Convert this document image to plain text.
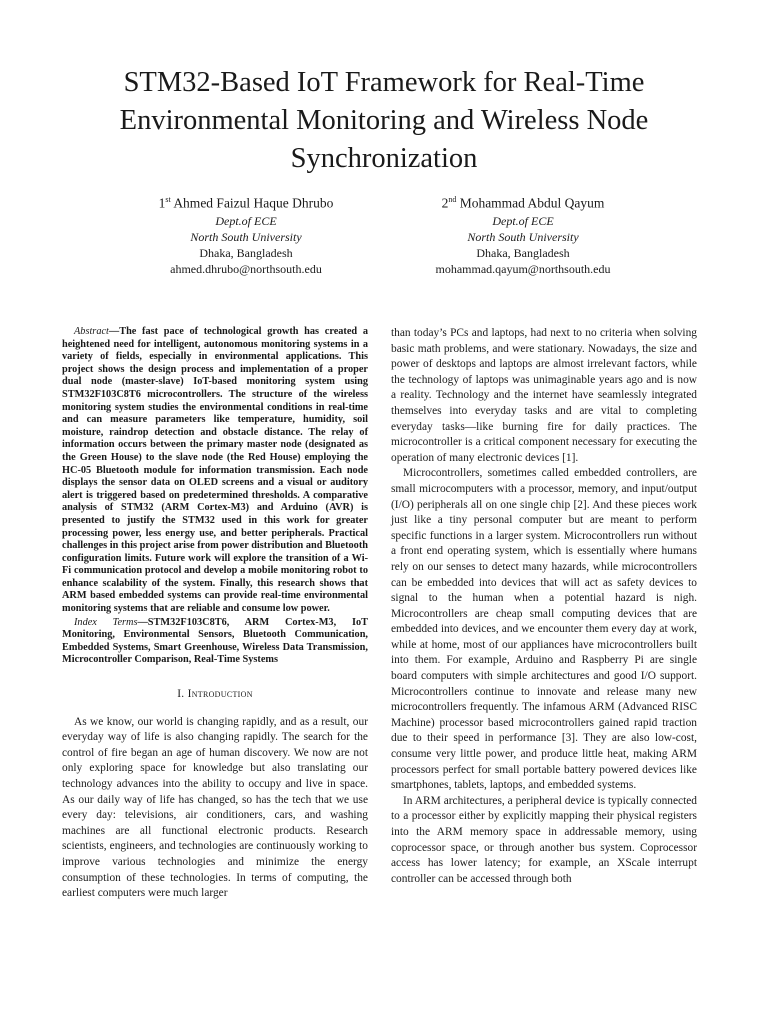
STM32-Based IoT Framework for Real-Time
Environmental Monitoring and Wireless Node
Synchronization
1st Ahmed Faizul Haque Dhrubo
Dept.of ECE
North South University
Dhaka, Bangladesh
ahmed.dhrubo@northsouth.edu
2nd Mohammad Abdul Qayum
Dept.of ECE
North South University
Dhaka, Bangladesh
mohammad.qayum@northsouth.edu

Abstract—The fast pace of technological growth has created a heightened need for intelligent, autonomous monitoring systems in a variety of fields, especially in environmental applications. This project shows the design process and implementation of a proper dual node (master-slave) IoT-based monitoring system using STM32F103C8T6 microcontrollers. The structure of the wireless monitoring system studies the environmental conditions in real-time and can measure parameters like temperature, humidity, soil moisture, raindrop detection and obstacle distance. The relay of information occurs between the primary master node (designated as the Green House) to the slave node (the Red House) employing the HC-05 Bluetooth module for information transmission. Each node displays the sensor data on OLED screens and a visual or auditory alert is triggered based on predetermined thresholds. A comparative analysis of STM32 (ARM Cortex-M3) and Arduino (AVR) is presented to justify the STM32 used in this work for greater processing power, less energy use, and better peripherals. Practical challenges in this project arise from power distribution and Bluetooth configuration limits. Future work will explore the transition of a Wi-Fi communication protocol and develop a mobile monitoring robot to enhance scalability of the system. Finally, this research shows that ARM based embedded systems can provide real-time environmental monitoring systems that are reliable and consume low power.

Index Terms—STM32F103C8T6, ARM Cortex-M3, IoT Monitoring, Environmental Sensors, Bluetooth Communication, Embedded Systems, Smart Greenhouse, Wireless Data Transmission, Microcontroller Comparison, Real-Time Systems

I. Introduction

As we know, our world is changing rapidly, and as a result, our everyday way of life is also changing rapidly. The search for the control of fire began an age of human discovery. We now are not only exploring space for knowledge but also translating our technology advances into the ability to occupy and live in space. As our daily way of life has changed, so has the tech that we use every day: televisions, air conditioners, cars, and washing machines are all functional electronic products. Research scientists, engineers, and technologies are continuously working to improve various technologies and minimize the energy consumption of these technologies. In terms of computing, the earliest computers were much larger

than today’s PCs and laptops, had next to no criteria when solving basic math problems, and were stationary. Nowadays, the size and power of desktops and laptops are almost irrelevant factors, while the technology of laptops was unimaginable years ago and is now a reality. Technology and the internet have seamlessly integrated themselves into everyday tasks and are vital to completing everyday tasks—like burning fire for daily practices. The microcontroller is a critical component necessary for executing the operation of many electronic devices [1].

Microcontrollers, sometimes called embedded controllers, are small microcomputers with a processor, memory, and input/output (I/O) peripherals all on one single chip [2]. And these pieces work just like a tiny personal computer but are meant to perform specific functions in a larger system. Microcontrollers run without a front end operating system, which is essentially where humans rely on our senses to detect many hazards, while microcontrollers can be embedded into devices that will act as safety devices to signal to the human when a potential hazard is nigh. Microcontrollers are cheap small computing devices that are embedded into devices, and we encounter them every day at work, while at home, most of our appliances have microcontrollers built into them. For example, Arduino and Raspberry Pi are single board computers with simple architectures and good I/O support. Microcontrollers continue to innovate and release many new microcontrollers frequently. The infamous ARM (Advanced RISC Machine) processor based microcontrollers gained rapid traction due to their speed in performance [3]. They are also low-cost, consume very little power, and produce little heat, making ARM processors perfect for small portable battery powered devices like smartphones, tablets, laptops, and embedded systems.

In ARM architectures, a peripheral device is typically connected to a processor either by explicitly mapping their physical registers into the ARM memory space in addressable memory, using coprocessor space, or through another bus system. Coprocessor access has lower latency; for example, an XScale interrupt controller can be accessed through both
